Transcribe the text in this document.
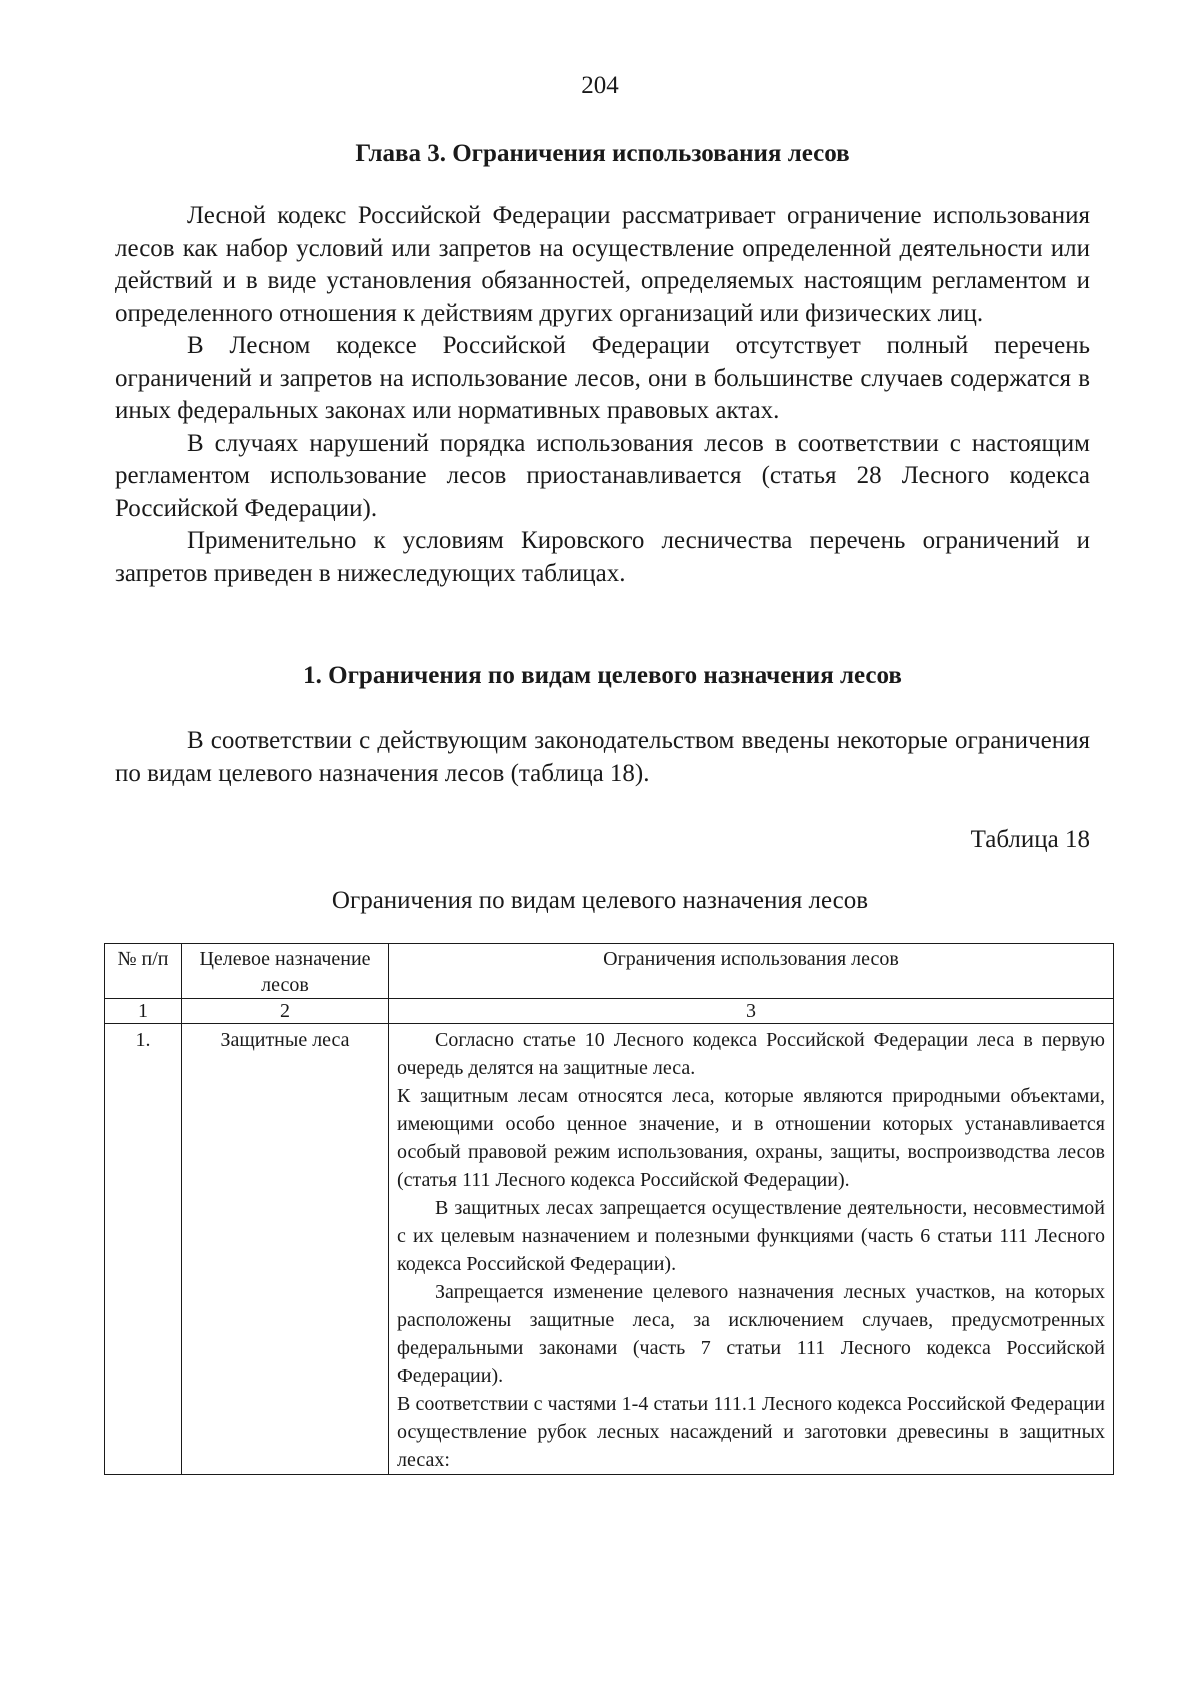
204
Глава 3. Ограничения использования лесов

Лесной кодекс Российской Федерации рассматривает ограничение использования лесов как набор условий или запретов на осуществление определенной деятельности или действий и в виде установления обязанностей, определяемых настоящим регламентом и определенного отношения к действиям других организаций или физических лиц.

В Лесном кодексе Российской Федерации отсутствует полный перечень ограничений и запретов на использование лесов, они в большинстве случаев содержатся в иных федеральных законах или нормативных правовых актах.

В случаях нарушений порядка использования лесов в соответствии с настоящим регламентом использование лесов приостанавливается (статья 28 Лесного кодекса Российской Федерации).

Применительно к условиям Кировского лесничества перечень ограничений и запретов приведен в нижеследующих таблицах.

1. Ограничения по видам целевого назначения лесов

В соответствии с действующим законодательством введены некоторые ограничения по видам целевого назначения лесов (таблица 18).

Таблица 18
Ограничения по видам целевого назначения лесов
№ п/п	Целевое назначение лесов	Ограничения использования лесов
1	2	3
1.	Защитные леса	Согласно статье 10 Лесного кодекса Российской Федерации леса в первую очередь делятся на защитные леса.

К защитным лесам относятся леса, которые являются природными объектами, имеющими особо ценное значение, и в отношении которых устанавливается особый правовой режим использования, охраны, защиты, воспроизводства лесов (статья 111 Лесного кодекса Российской Федерации).

В защитных лесах запрещается осуществление деятельности, несовместимой с их целевым назначением и полезными функциями (часть 6 статьи 111 Лесного кодекса Российской Федерации).

Запрещается изменение целевого назначения лесных участков, на которых расположены защитные леса, за исключением случаев, предусмотренных федеральными законами (часть 7 статьи 111 Лесного кодекса Российской Федерации).

В соответствии с частями 1-4 статьи 111.1 Лесного кодекса Российской Федерации осуществление рубок лесных насаждений и заготовки древесины в защитных лесах:
